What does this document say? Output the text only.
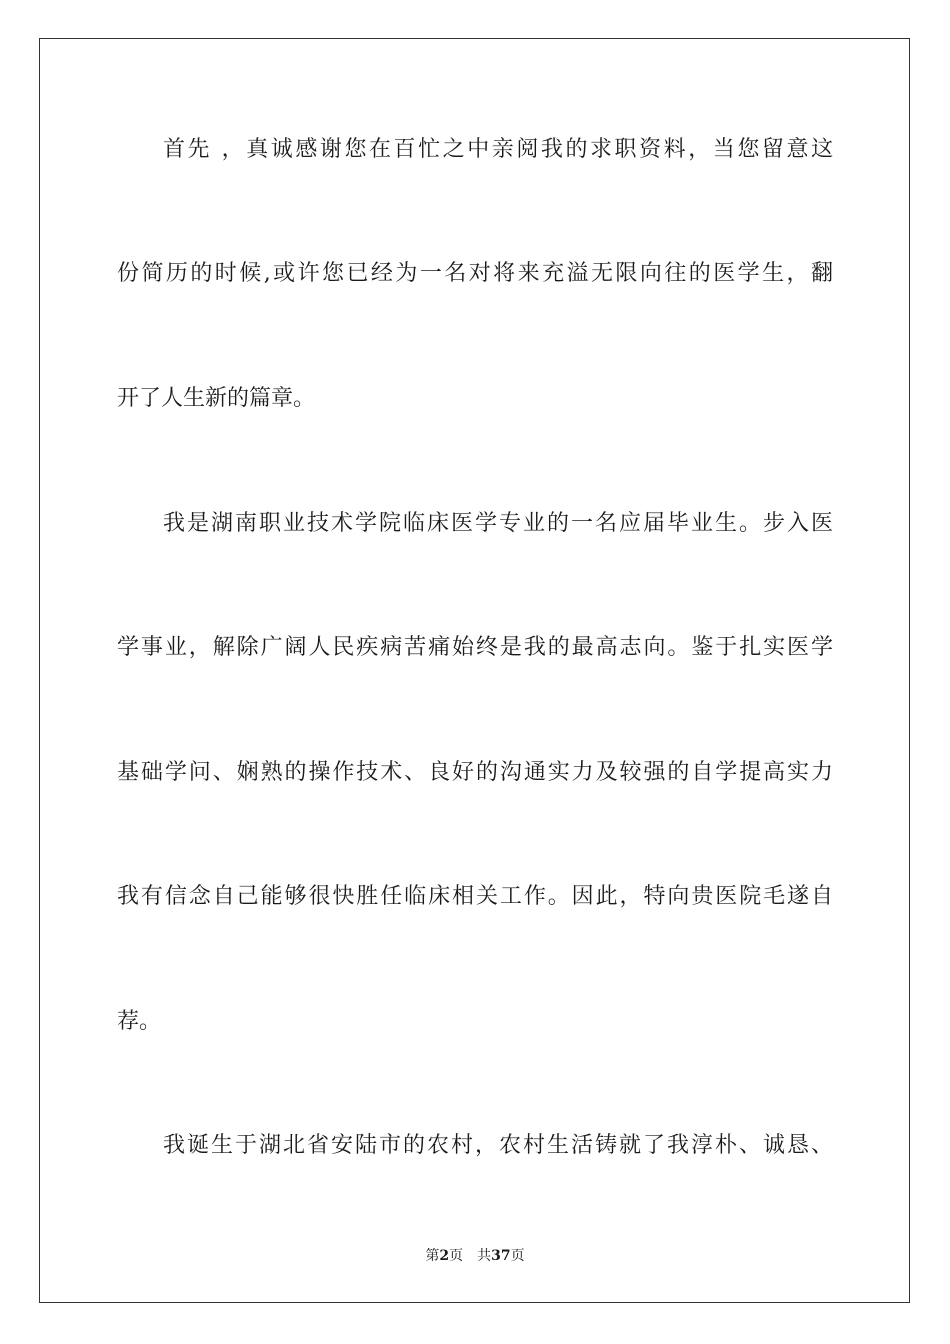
首先 ，真诚感谢您在百忙之中亲阅我的求职资料，当您留意这
份简历的时候,或许您已经为一名对将来充溢无限向往的医学生，翻
开了人生新的篇章。
我是湖南职业技术学院临床医学专业的一名应届毕业生。步入医
学事业，解除广阔人民疾病苦痛始终是我的最高志向。鉴于扎实医学
基础学问、娴熟的操作技术、良好的沟通实力及较强的自学提高实力
我有信念自己能够很快胜任临床相关工作。因此，特向贵医院毛遂自
荐。
我诞生于湖北省安陆市的农村，农村生活铸就了我淳朴、诚恳、
第2页 共37页
